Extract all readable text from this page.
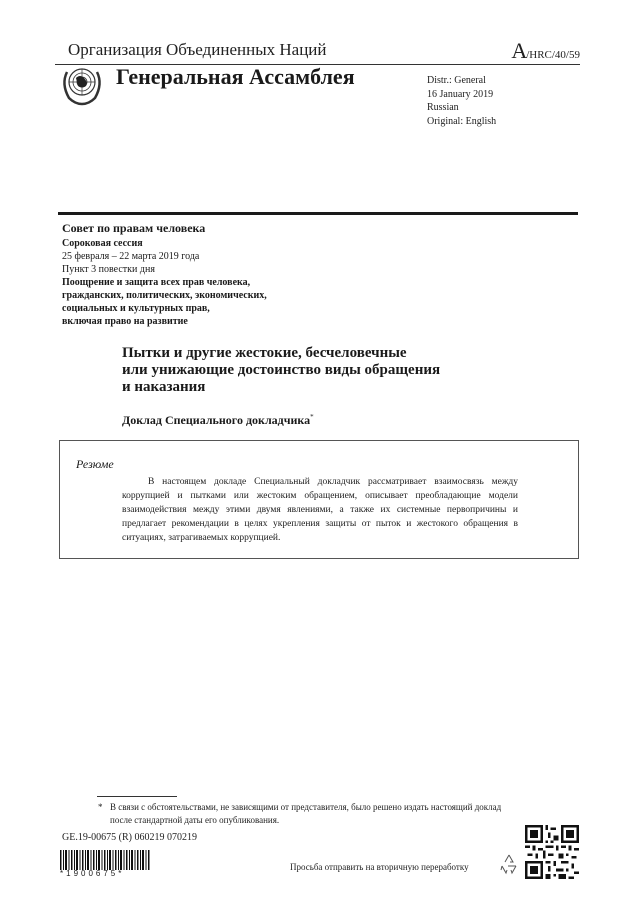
Организация Объединенных Наций	A/HRC/40/59
Генеральная Ассамблея	Distr.: General
16 January 2019
Russian
Original: English
Совет по правам человека
Сороковая сессия
25 февраля – 22 марта 2019 года
Пункт 3 повестки дня
Поощрение и защита всех прав человека,
гражданских, политических, экономических,
социальных и культурных прав,
включая право на развитие
Пытки и другие жестокие, бесчеловечные
или унижающие достоинство виды обращения
и наказания
Доклад Специального докладчика*
Резюме
В настоящем докладе Специальный докладчик рассматривает взаимосвязь между коррупцией и пытками или жестоким обращением, описывает преобладающие модели взаимодействия между этими двумя явлениями, а также их системные первопричины и предлагает рекомендации в целях укрепления защиты от пыток и жестокого обращения в ситуациях, затрагиваемых коррупцией.
* В связи с обстоятельствами, не зависящими от представителя, было решено издать настоящий доклад после стандартной даты его опубликования.
GE.19-00675 (R) 060219 070219
*1900675*
Просьба отправить на вторичную переработку
